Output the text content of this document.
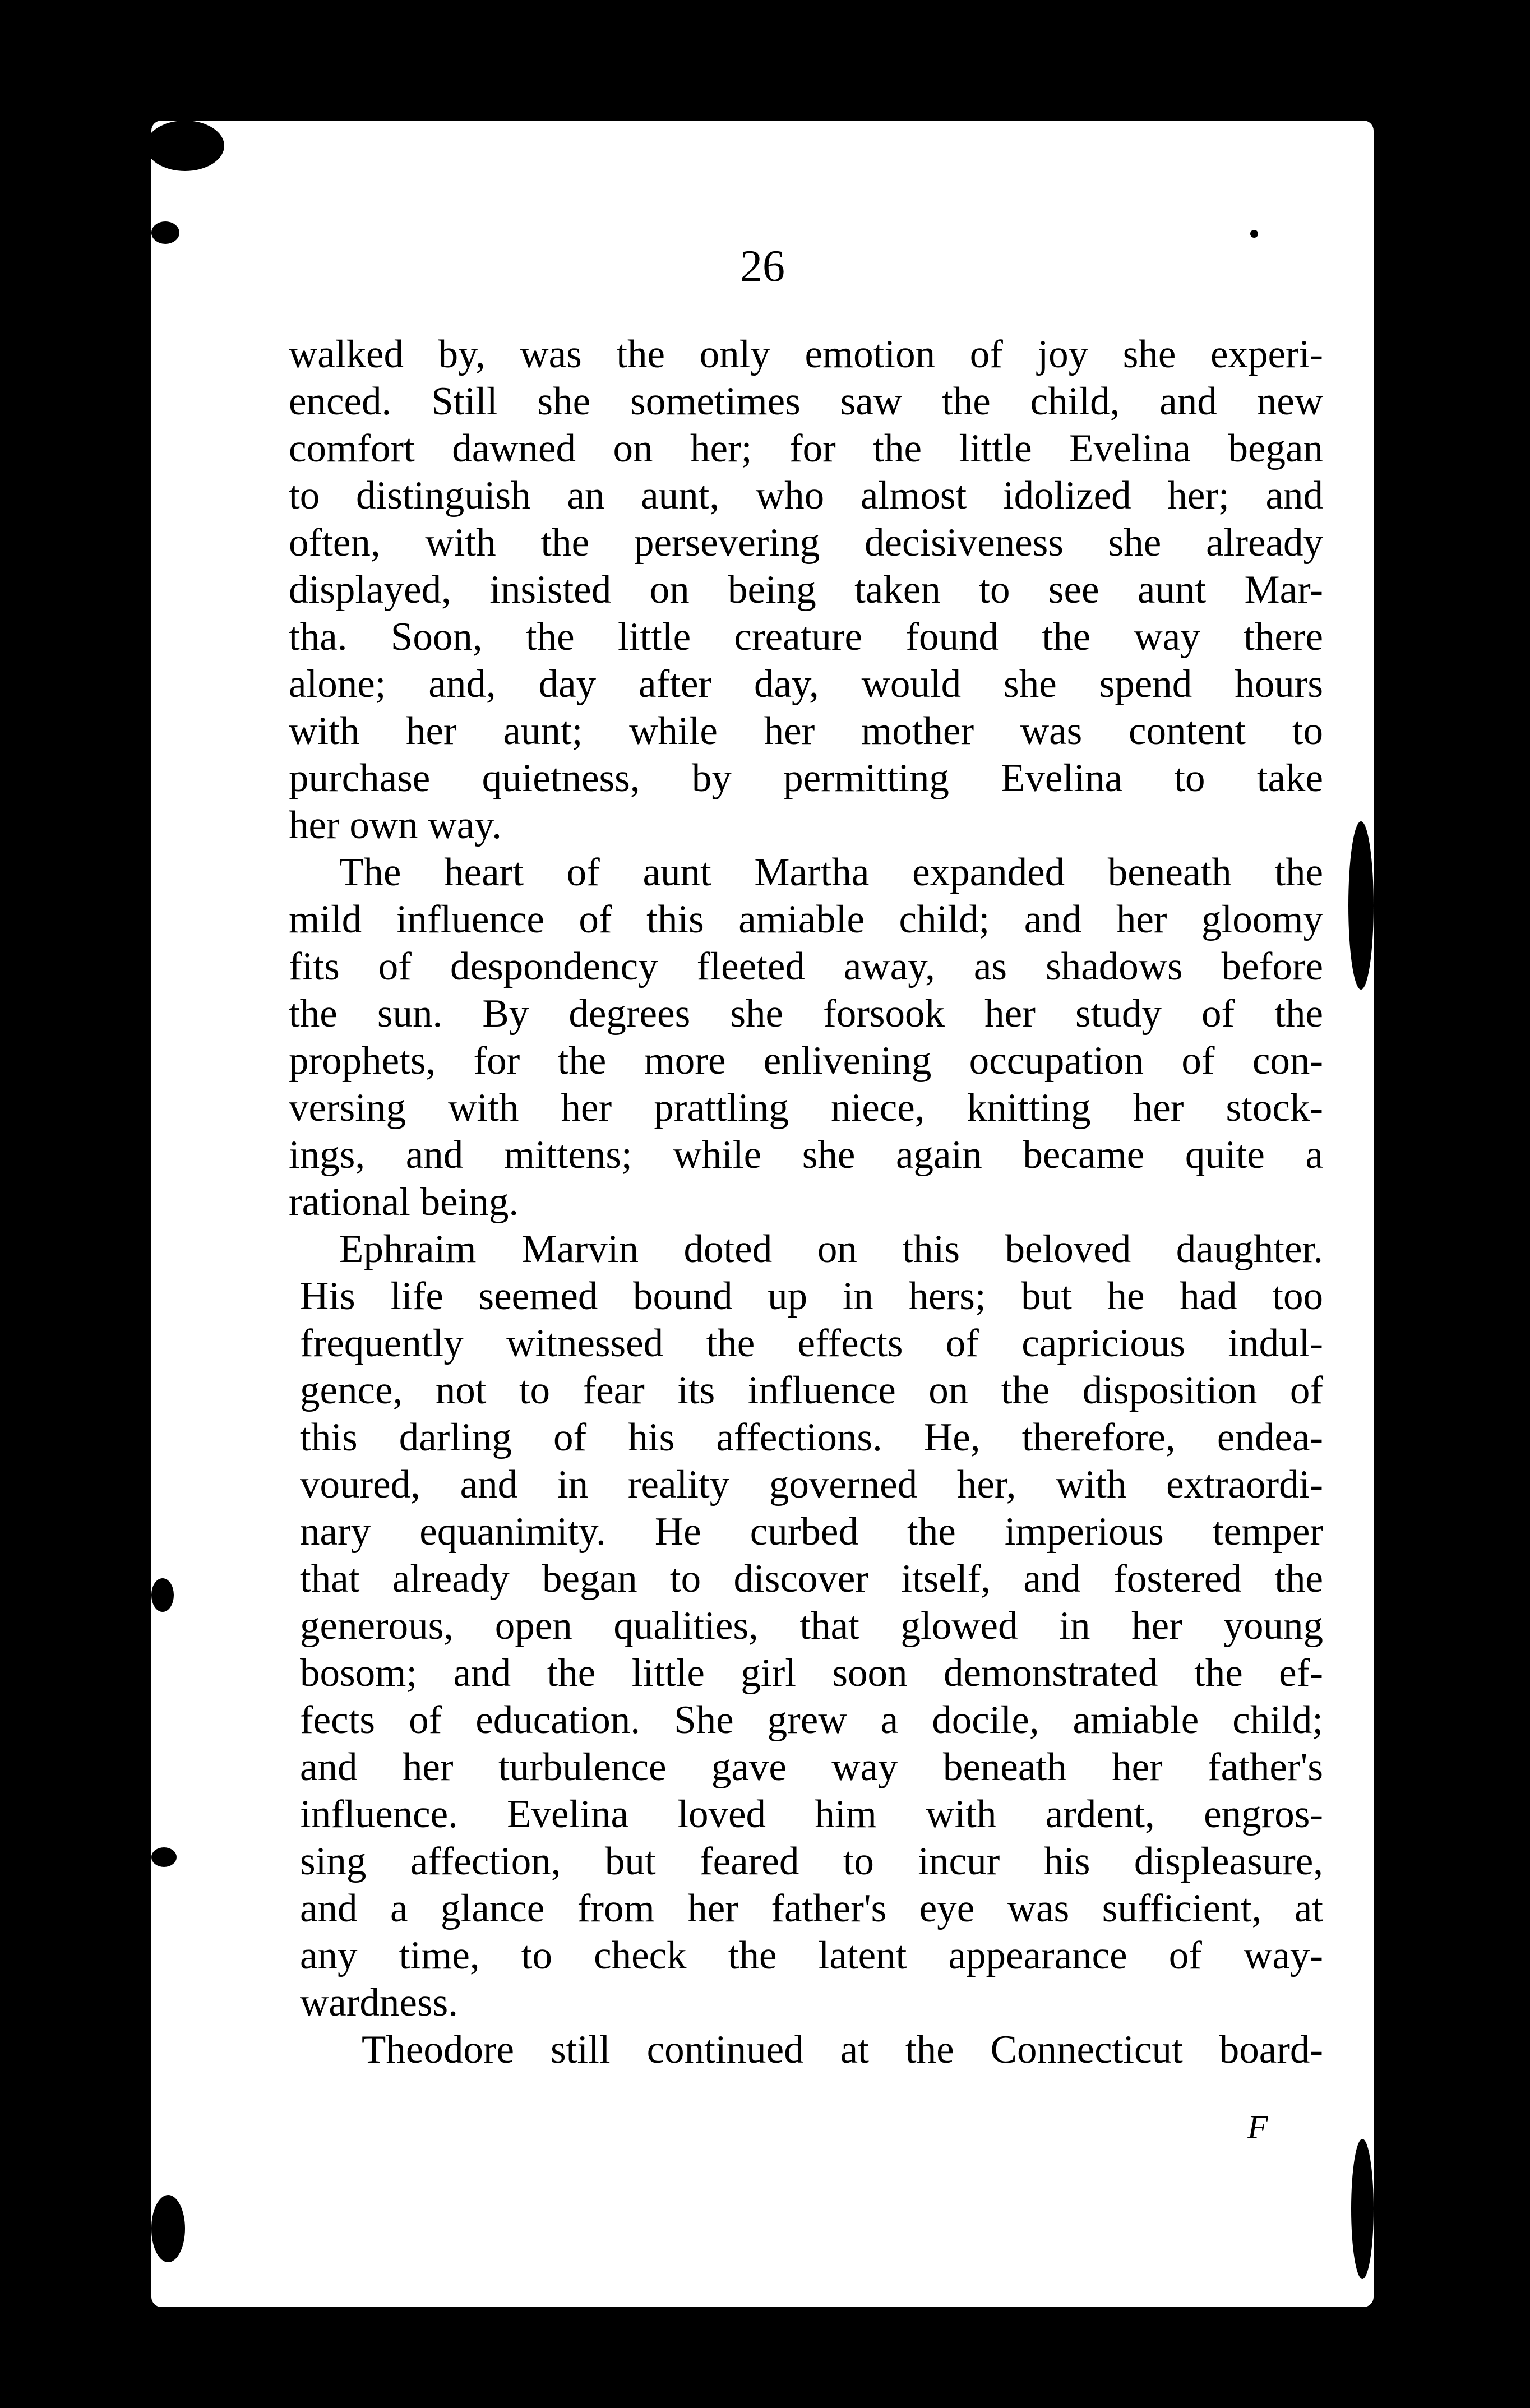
26
walked by, was the only emotion of joy she experi-
enced. Still she sometimes saw the child, and new
comfort dawned on her; for the little Evelina began
to distinguish an aunt, who almost idolized her; and
often, with the persevering decisiveness she already
displayed, insisted on being taken to see aunt Mar-
tha. Soon, the little creature found the way there
alone; and, day after day, would she spend hours
with her aunt; while her mother was content to
purchase quietness, by permitting Evelina to take
her own way.
The heart of aunt Martha expanded beneath the
mild influence of this amiable child; and her gloomy
fits of despondency fleeted away, as shadows before
the sun. By degrees she forsook her study of the
prophets, for the more enlivening occupation of con-
versing with her prattling niece, knitting her stock-
ings, and mittens; while she again became quite a
rational being.
Ephraim Marvin doted on this beloved daughter.
His life seemed bound up in hers; but he had too
frequently witnessed the effects of capricious indul-
gence, not to fear its influence on the disposition of
this darling of his affections. He, therefore, endea-
voured, and in reality governed her, with extraordi-
nary equanimity. He curbed the imperious temper
that already began to discover itself, and fostered the
generous, open qualities, that glowed in her young
bosom; and the little girl soon demonstrated the ef-
fects of education. She grew a docile, amiable child;
and her turbulence gave way beneath her father's
influence. Evelina loved him with ardent, engros-
sing affection, but feared to incur his displeasure,
and a glance from her father's eye was sufficient, at
any time, to check the latent appearance of way-
wardness.
Theodore still continued at the Connecticut board-
F
